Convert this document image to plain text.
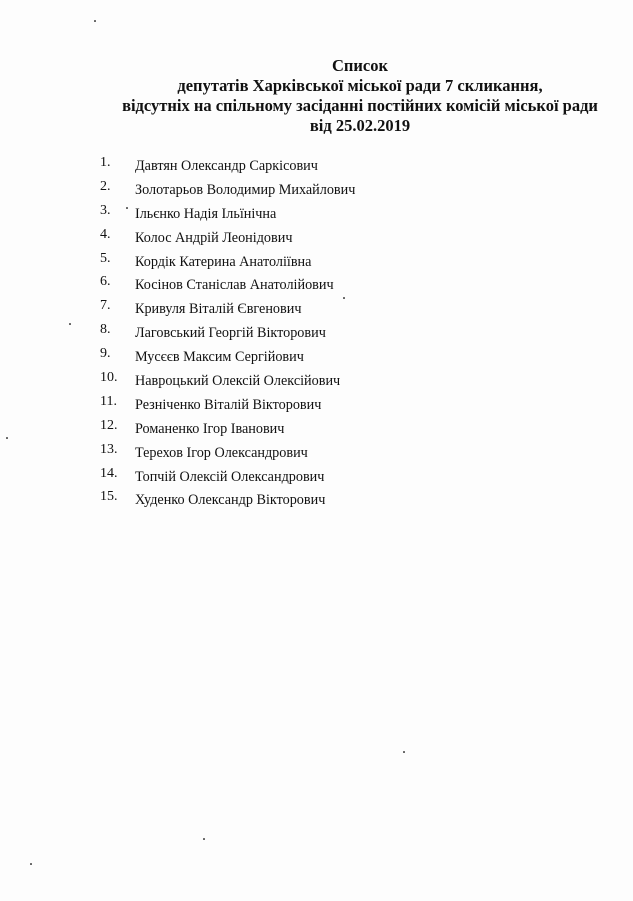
Список
депутатів Харківської міської ради 7 скликання,
відсутніх на спільному засіданні постійних комісій міської ради
від 25.02.2019
1.	Давтян Олександр Саркісович
2.	Золотарьов Володимир Михайлович
3.	Ільєнко Надія Ільїнічна
4.	Колос Андрій Леонідович
5.	Кордік Катерина Анатоліївна
6.	Косінов Станіслав Анатолійович
7.	Кривуля Віталій Євгенович
8.	Лаговський Георгій Вікторович
9.	Мусєєв Максим Сергійович
10.	Навроцький Олексій Олексійович
11.	Резніченко Віталій Вікторович
12.	Романенко Ігор Іванович
13.	Терехов Ігор Олександрович
14.	Топчій Олексій Олександрович
15.	Худенко Олександр Вікторович
